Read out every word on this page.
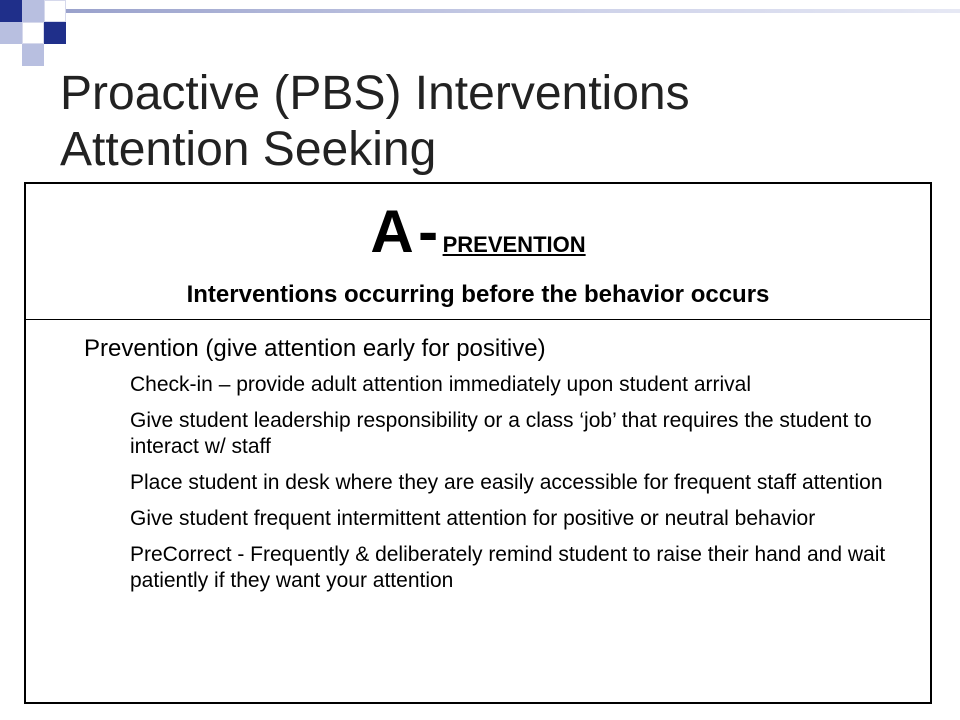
Proactive (PBS) Interventions
Attention Seeking
A - PREVENTION
Interventions occurring before the behavior occurs
Prevention (give attention early for positive)
Check-in – provide adult attention immediately upon student arrival
Give student leadership responsibility or a class ‘job’ that requires the student to interact w/ staff
Place student in desk where they are easily accessible for frequent staff attention
Give student frequent intermittent attention for positive or neutral behavior
PreCorrect - Frequently & deliberately remind student to raise their hand and wait patiently if they want your attention
